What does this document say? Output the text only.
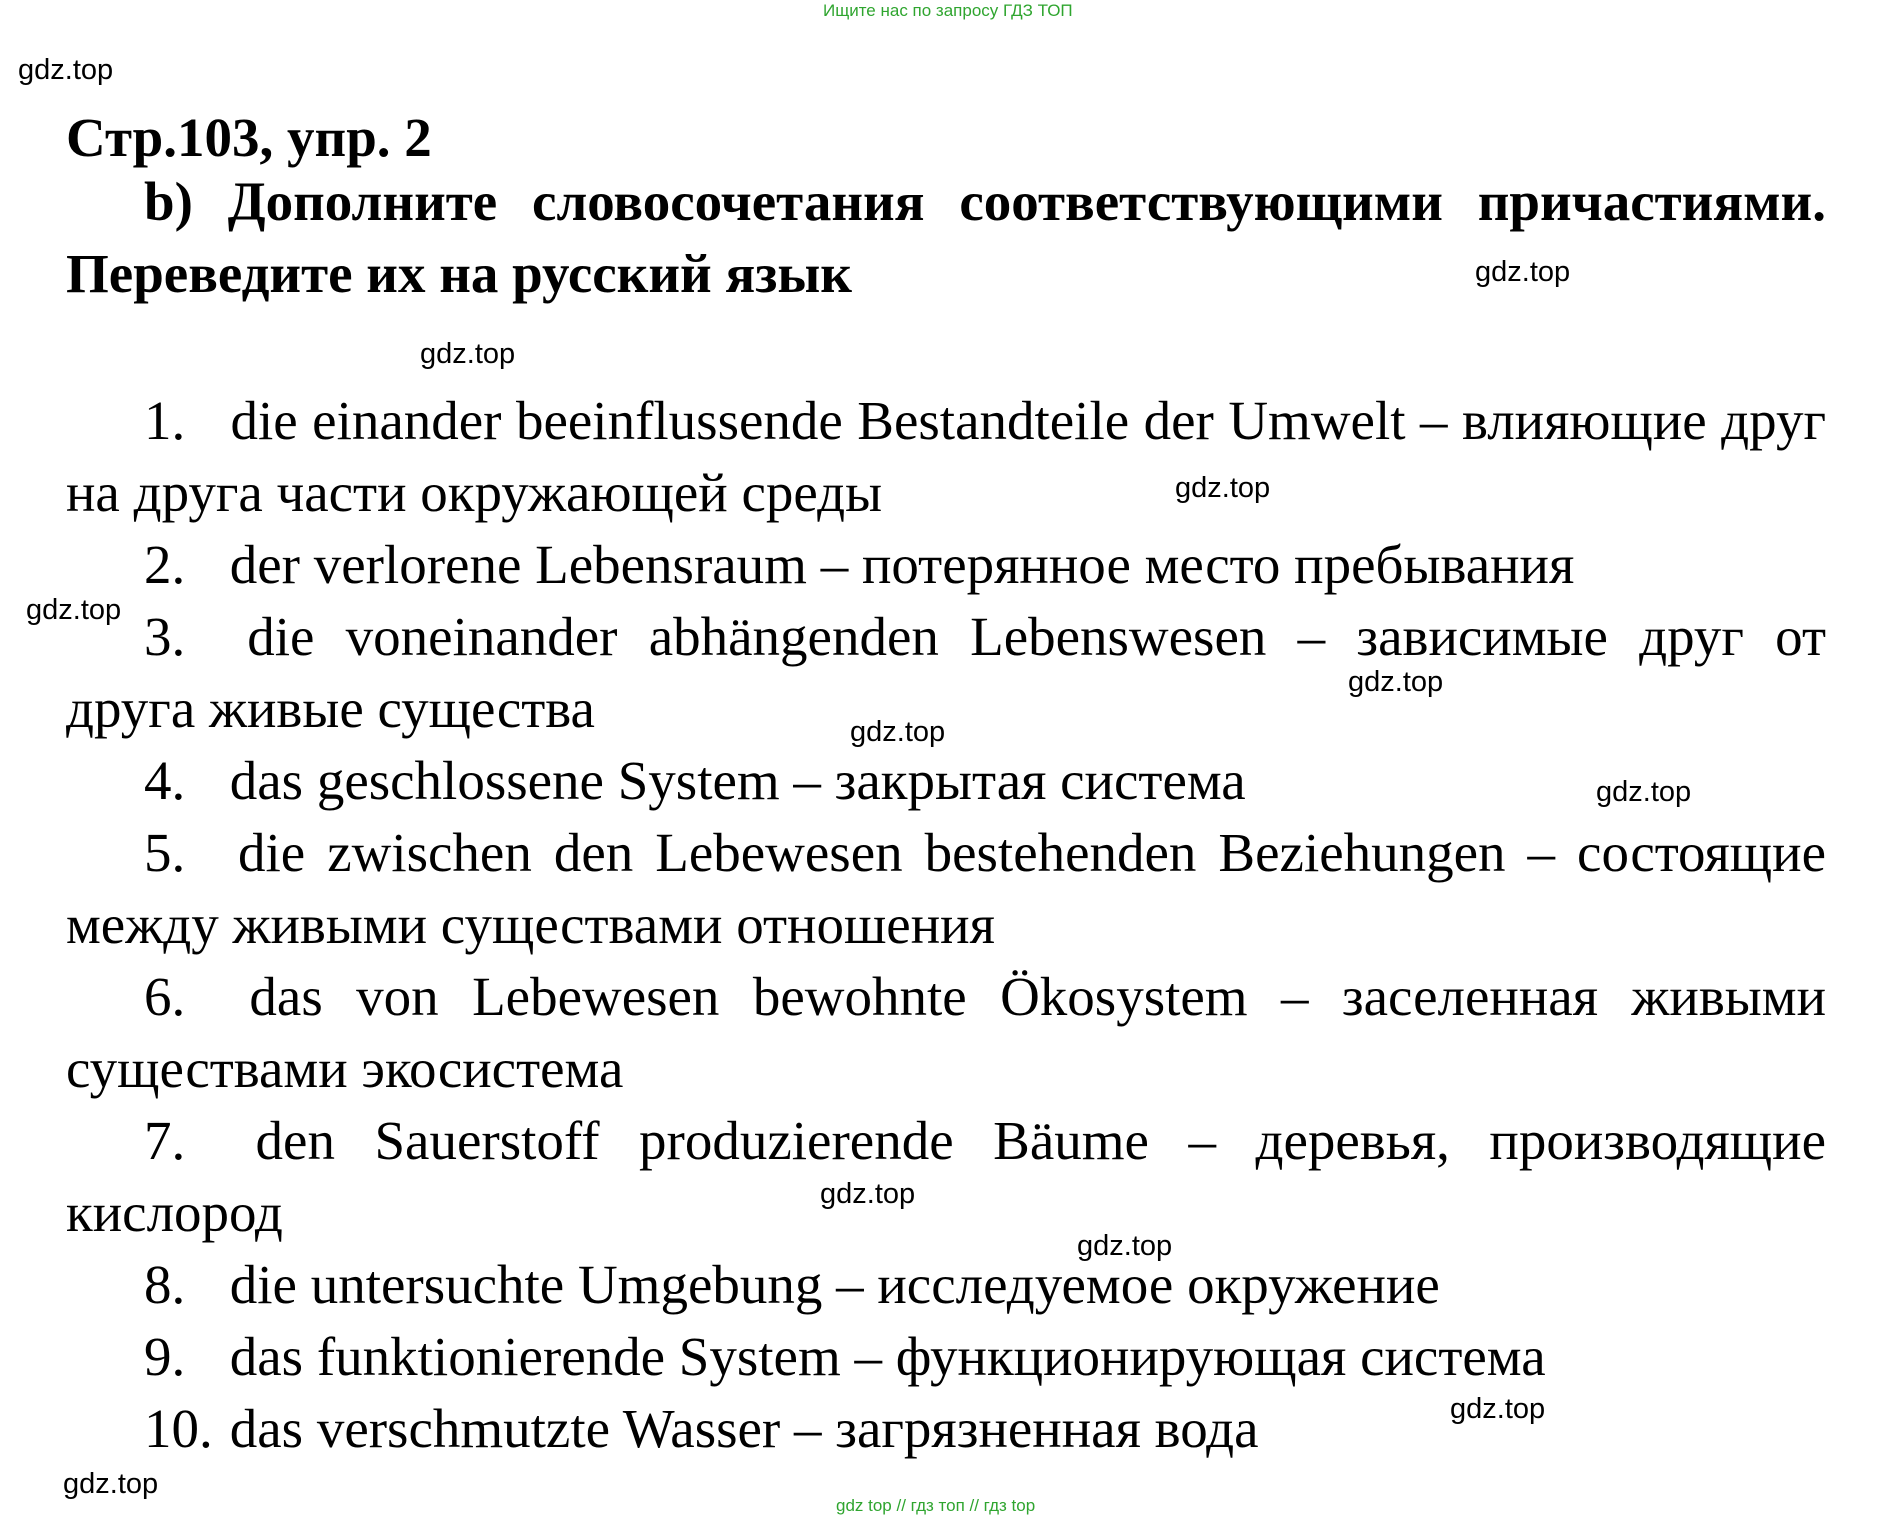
Ищите нас по запросу ГДЗ ТОП
Стр.103, упр. 2
b) Дополните словосочетания соответствующими причастиями. Переведите их на русский язык

1. die einander beeinflussende Bestandteile der Umwelt – влияющие друг на друга части окружающей среды

2. der verlorene Lebensraum – потерянное место пребывания

3. die voneinander abhängenden Lebenswesen – зависимые друг от друга живые существа

4. das geschlossene System – закрытая система

5. die zwischen den Lebewesen bestehenden Beziehungen – состоящие между живыми существами отношения

6. das von Lebewesen bewohnte Ökosystem – заселенная живыми существами экосистема

7. den Sauerstoff produzierende Bäume – деревья, производящие кислород

8. die untersuchte Umgebung – исследуемое окружение

9. das funktionierende System – функционирующая система

10. das verschmutzte Wasser – загрязненная вода

gdz.top
gdz.top
gdz.top
gdz.top
gdz.top
gdz.top
gdz.top
gdz.top
gdz.top
gdz.top
gdz.top
gdz.top
gdz top // гдз топ // гдз top
